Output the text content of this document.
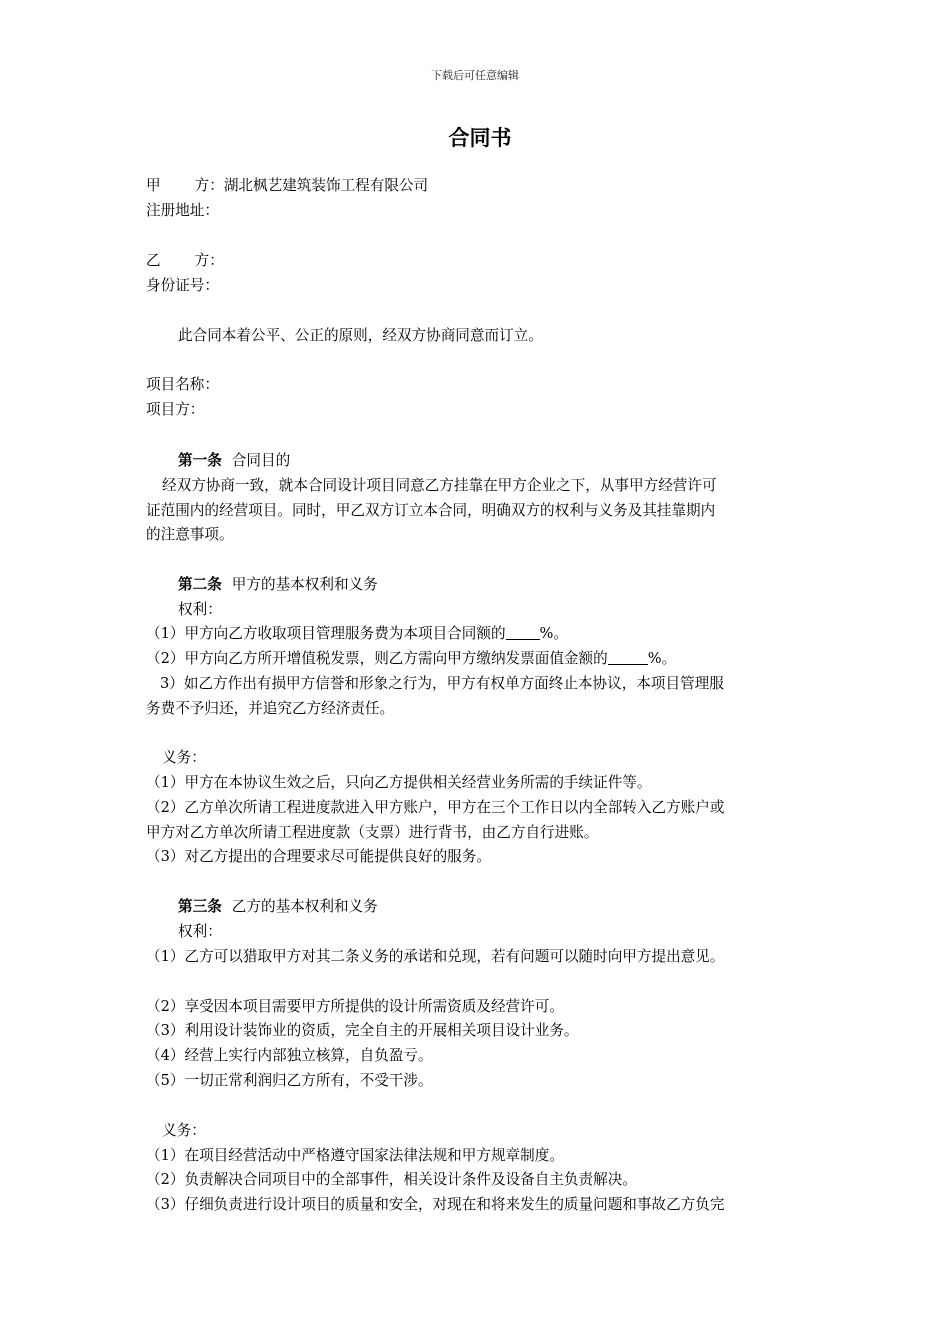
下载后可任意编辑
合同书
甲 方：湖北枫艺建筑装饰工程有限公司
注册地址：
乙 方：
身份证号：
此合同本着公平、公正的原则，经双方协商同意而订立。
项目名称：
项目方：
第一条 合同目的
经双方协商一致，就本合同设计项目同意乙方挂靠在甲方企业之下，从事甲方经营许可
证范围内的经营项目。同时，甲乙双方订立本合同，明确双方的权利与义务及其挂靠期内
的注意事项。
第二条 甲方的基本权利和义务
权利：
（1）甲方向乙方收取项目管理服务费为本项目合同额的 %。
（2）甲方向乙方所开增值税发票，则乙方需向甲方缴纳发票面值金额的	%。
3）如乙方作出有损甲方信誉和形象之行为，甲方有权单方面终止本协议，本项目管理服
务费不予归还，并追究乙方经济责任。
义务：
（1）甲方在本协议生效之后，只向乙方提供相关经营业务所需的手续证件等。
（2）乙方单次所请工程进度款进入甲方账户，甲方在三个工作日以内全部转入乙方账户或
甲方对乙方单次所请工程进度款（支票）进行背书，由乙方自行进账。
（3）对乙方提出的合理要求尽可能提供良好的服务。
第三条 乙方的基本权利和义务
权利：
（1）乙方可以猎取甲方对其二条义务的承诺和兑现，若有问题可以随时向甲方提出意见。
（2）享受因本项目需要甲方所提供的设计所需资质及经营许可。
（3）利用设计装饰业的资质，完全自主的开展相关项目设计业务。
（4）经营上实行内部独立核算，自负盈亏。
（5）一切正常利润归乙方所有，不受干涉。
义务：
（1）在项目经营活动中严格遵守国家法律法规和甲方规章制度。
（2）负责解决合同项目中的全部事件，相关设计条件及设备自主负责解决。
（3）仔细负责进行设计项目的质量和安全，对现在和将来发生的质量问题和事故乙方负完
